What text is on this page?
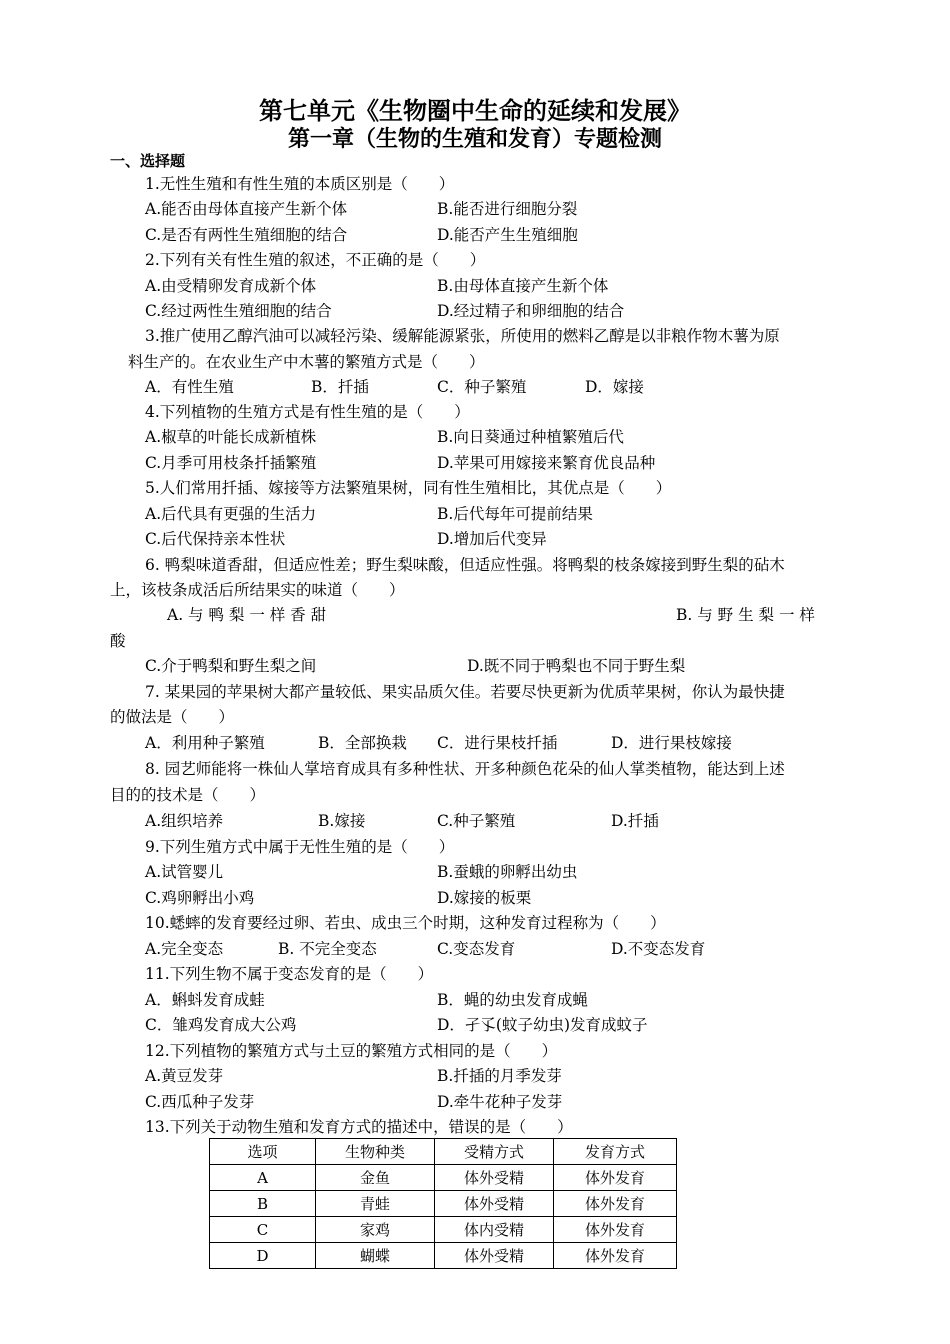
第七单元《生物圈中生命的延续和发展》
第一章（生物的生殖和发育）专题检测
一、选择题
1.无性生殖和有性生殖的本质区别是（　　）
A.能否由母体直接产生新个体	B.能否进行细胞分裂
C.是否有两性生殖细胞的结合	D.能否产生生殖细胞
2.下列有关有性生殖的叙述，不正确的是（　　）
A.由受精卵发育成新个体	B.由母体直接产生新个体
C.经过两性生殖细胞的结合	D.经过精子和卵细胞的结合
3.推广使用乙醇汽油可以减轻污染、缓解能源紧张，所使用的燃料乙醇是以非粮作物木薯为原
料生产的。在农业生产中木薯的繁殖方式是（　　）
A．有性生殖	B．扦插	C．种子繁殖	D．嫁接
4.下列植物的生殖方式是有性生殖的是（　　）
A.椒草的叶能长成新植株	B.向日葵通过种植繁殖后代
C.月季可用枝条扦插繁殖	D.苹果可用嫁接来繁育优良品种
5.人们常用扦插、嫁接等方法繁殖果树，同有性生殖相比，其优点是（　　）
A.后代具有更强的生活力	B.后代每年可提前结果
C.后代保持亲本性状	D.增加后代变异
6. 鸭梨味道香甜，但适应性差；野生梨味酸，但适应性强。将鸭梨的枝条嫁接到野生梨的砧木
上，该枝条成活后所结果实的味道（　　）
A. 与 鸭 梨 一 样 香 甜	B. 与 野 生 梨 一 样
酸
C.介于鸭梨和野生梨之间	D.既不同于鸭梨也不同于野生梨
7. 某果园的苹果树大都产量较低、果实品质欠佳。若要尽快更新为优质苹果树，你认为最快捷
的做法是（　　）
A．利用种子繁殖	B．全部换栽 C．进行果枝扦插	D．进行果枝嫁接
8. 园艺师能将一株仙人掌培育成具有多种性状、开多种颜色花朵的仙人掌类植物，能达到上述
目的的技术是（　　）
A.组织培养	B.嫁接	C.种子繁殖	D.扦插
9.下列生殖方式中属于无性生殖的是（　　）
A.试管婴儿	B.蚕蛾的卵孵出幼虫
C.鸡卵孵出小鸡	D.嫁接的板栗
10.蟋蟀的发育要经过卵、若虫、成虫三个时期，这种发育过程称为（　　）
A.完全变态	B. 不完全变态	C.变态发育	D.不变态发育
11.下列生物不属于变态发育的是（　　）
A．蝌蚪发育成蛙	B．蝇的幼虫发育成蝇
C．雏鸡发育成大公鸡	D．孑孓(蚊子幼虫)发育成蚊子
12.下列植物的繁殖方式与土豆的繁殖方式相同的是（　　）
A.黄豆发芽	B.扦插的月季发芽
C.西瓜种子发芽	D.牵牛花种子发芽
13.下列关于动物生殖和发育方式的描述中，错误的是（　　）
选项	生物种类	受精方式	发育方式
A	金鱼	体外受精	体外发育
B	青蛙	体外受精	体外发育
C	家鸡	体内受精	体外发育
D	蝴蝶	体外受精	体外发育
